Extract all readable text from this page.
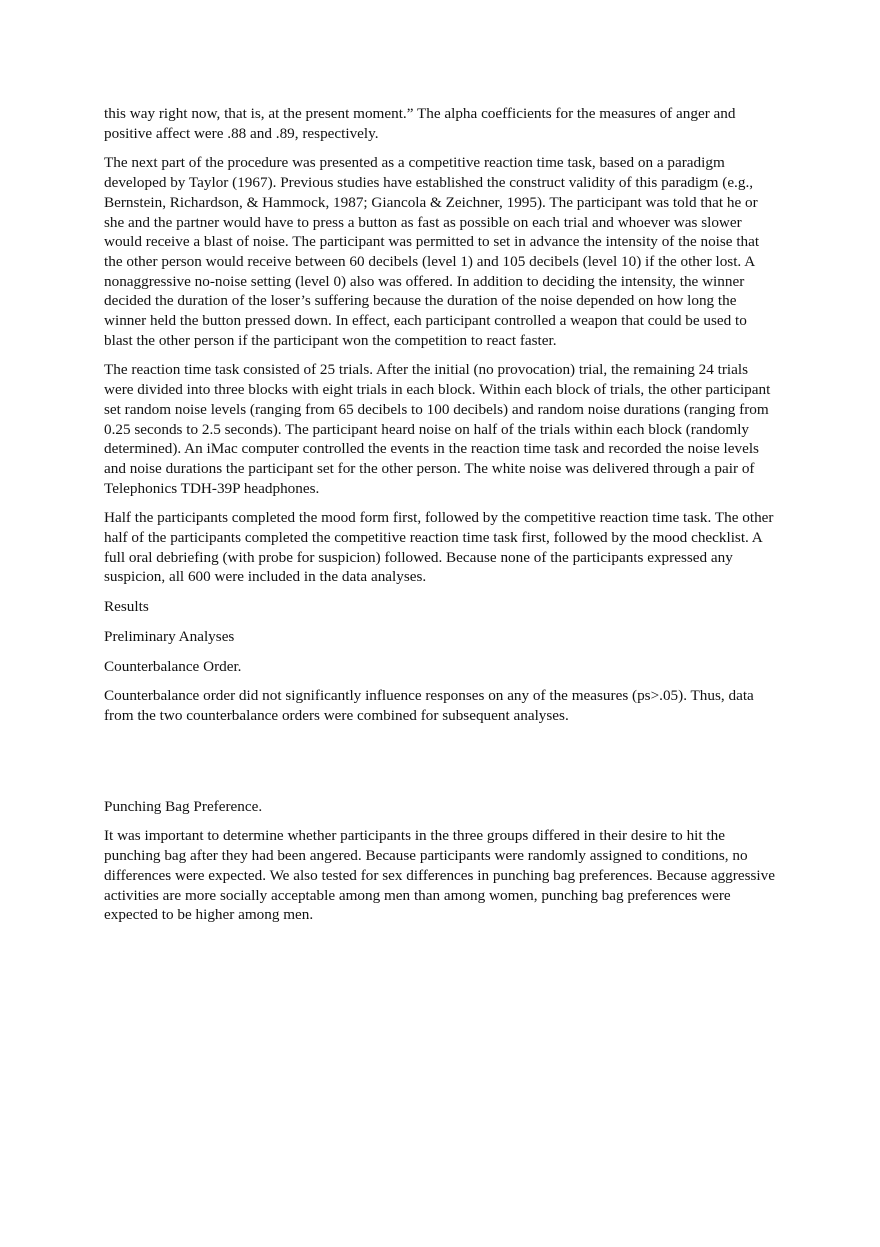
this way right now, that is, at the present moment.” The alpha coefficients for the measures of anger and positive affect were .88 and .89, respectively.

The next part of the procedure was presented as a competitive reaction time task, based on a paradigm developed by Taylor (1967). Previous studies have established the construct validity of this paradigm (e.g., Bernstein, Richardson, & Hammock, 1987; Giancola & Zeichner, 1995). The participant was told that he or she and the partner would have to press a button as fast as possible on each trial and whoever was slower would receive a blast of noise. The participant was permitted to set in advance the intensity of the noise that the other person would receive between 60 decibels (level 1) and 105 decibels (level 10) if the other lost. A nonaggressive no-noise setting (level 0) also was offered. In addition to deciding the intensity, the winner decided the duration of the loser’s suffering because the duration of the noise depended on how long the winner held the button pressed down. In effect, each participant controlled a weapon that could be used to blast the other person if the participant won the competition to react faster.

The reaction time task consisted of 25 trials. After the initial (no provocation) trial, the remaining 24 trials were divided into three blocks with eight trials in each block. Within each block of trials, the other participant set random noise levels (ranging from 65 decibels to 100 decibels) and random noise durations (ranging from 0.25 seconds to 2.5 seconds). The participant heard noise on half of the trials within each block (randomly determined). An iMac computer controlled the events in the reaction time task and recorded the noise levels and noise durations the participant set for the other person. The white noise was delivered through a pair of Telephonics TDH-39P headphones.

Half the participants completed the mood form first, followed by the competitive reaction time task. The other half of the participants completed the competitive reaction time task first, followed by the mood checklist. A full oral debriefing (with probe for suspicion) followed. Because none of the participants expressed any suspicion, all 600 were included in the data analyses.

Results

Preliminary Analyses

Counterbalance Order.

Counterbalance order did not significantly influence responses on any of the measures (ps>.05). Thus, data from the two counterbalance orders were combined for subsequent analyses.

Punching Bag Preference.

It was important to determine whether participants in the three groups differed in their desire to hit the punching bag after they had been angered. Because participants were randomly assigned to conditions, no differences were expected. We also tested for sex differences in punching bag preferences. Because aggressive activities are more socially acceptable among men than among women, punching bag preferences were expected to be higher among men.
